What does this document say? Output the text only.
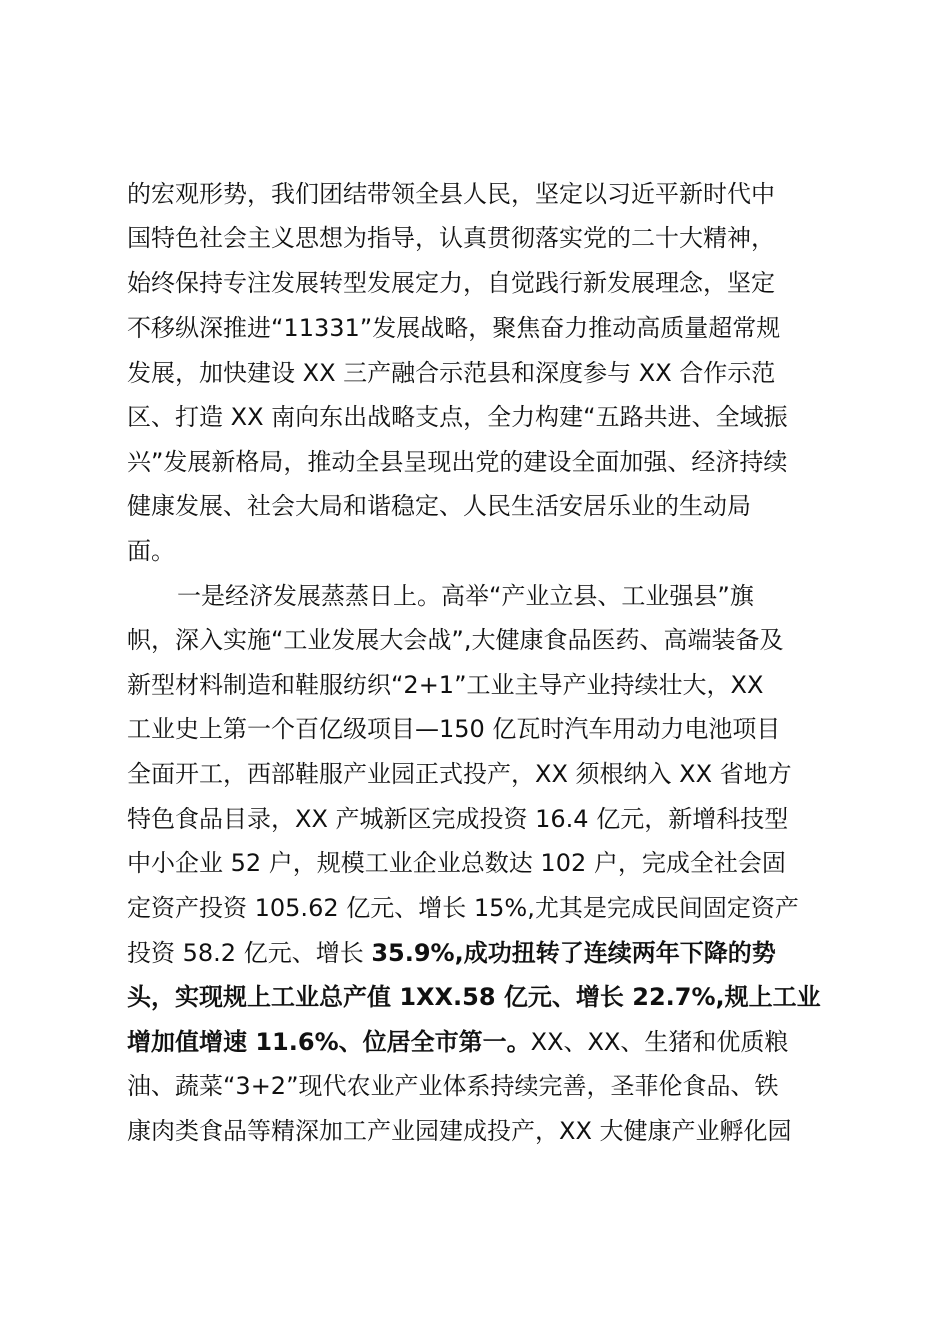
的宏观形势，我们团结带领全县人民，坚定以习近平新时代中
国特色社会主义思想为指导，认真贯彻落实党的二十大精神，
始终保持专注发展转型发展定力，自觉践行新发展理念，坚定
不移纵深推进“11331”发展战略，聚焦奋力推动高质量超常规
发展，加快建设 XX 三产融合示范县和深度参与 XX 合作示范
区、打造 XX 南向东出战略支点，全力构建“五路共进、全域振
兴”发展新格局，推动全县呈现出党的建设全面加强、经济持续
健康发展、社会大局和谐稳定、人民生活安居乐业的生动局
面。
一是经济发展蒸蒸日上。高举“产业立县、工业强县”旗
帜，深入实施“工业发展大会战”,大健康食品医药、高端装备及
新型材料制造和鞋服纺织“2+1”工业主导产业持续壮大，XX
工业史上第一个百亿级项目—150 亿瓦时汽车用动力电池项目
全面开工，西部鞋服产业园正式投产，XX 须根纳入 XX 省地方
特色食品目录，XX 产城新区完成投资 16.4 亿元，新增科技型
中小企业 52 户，规模工业企业总数达 102 户，完成全社会固
定资产投资 105.62 亿元、增长 15%,尤其是完成民间固定资产
投资 58.2 亿元、增长 35.9%,成功扭转了连续两年下降的势
头，实现规上工业总产值 1XX.58 亿元、增长 22.7%,规上工业
增加值增速 11.6%、位居全市第一。XX、XX、生猪和优质粮
油、蔬菜“3+2”现代农业产业体系持续完善，圣菲伦食品、铁
康肉类食品等精深加工产业园建成投产，XX 大健康产业孵化园
